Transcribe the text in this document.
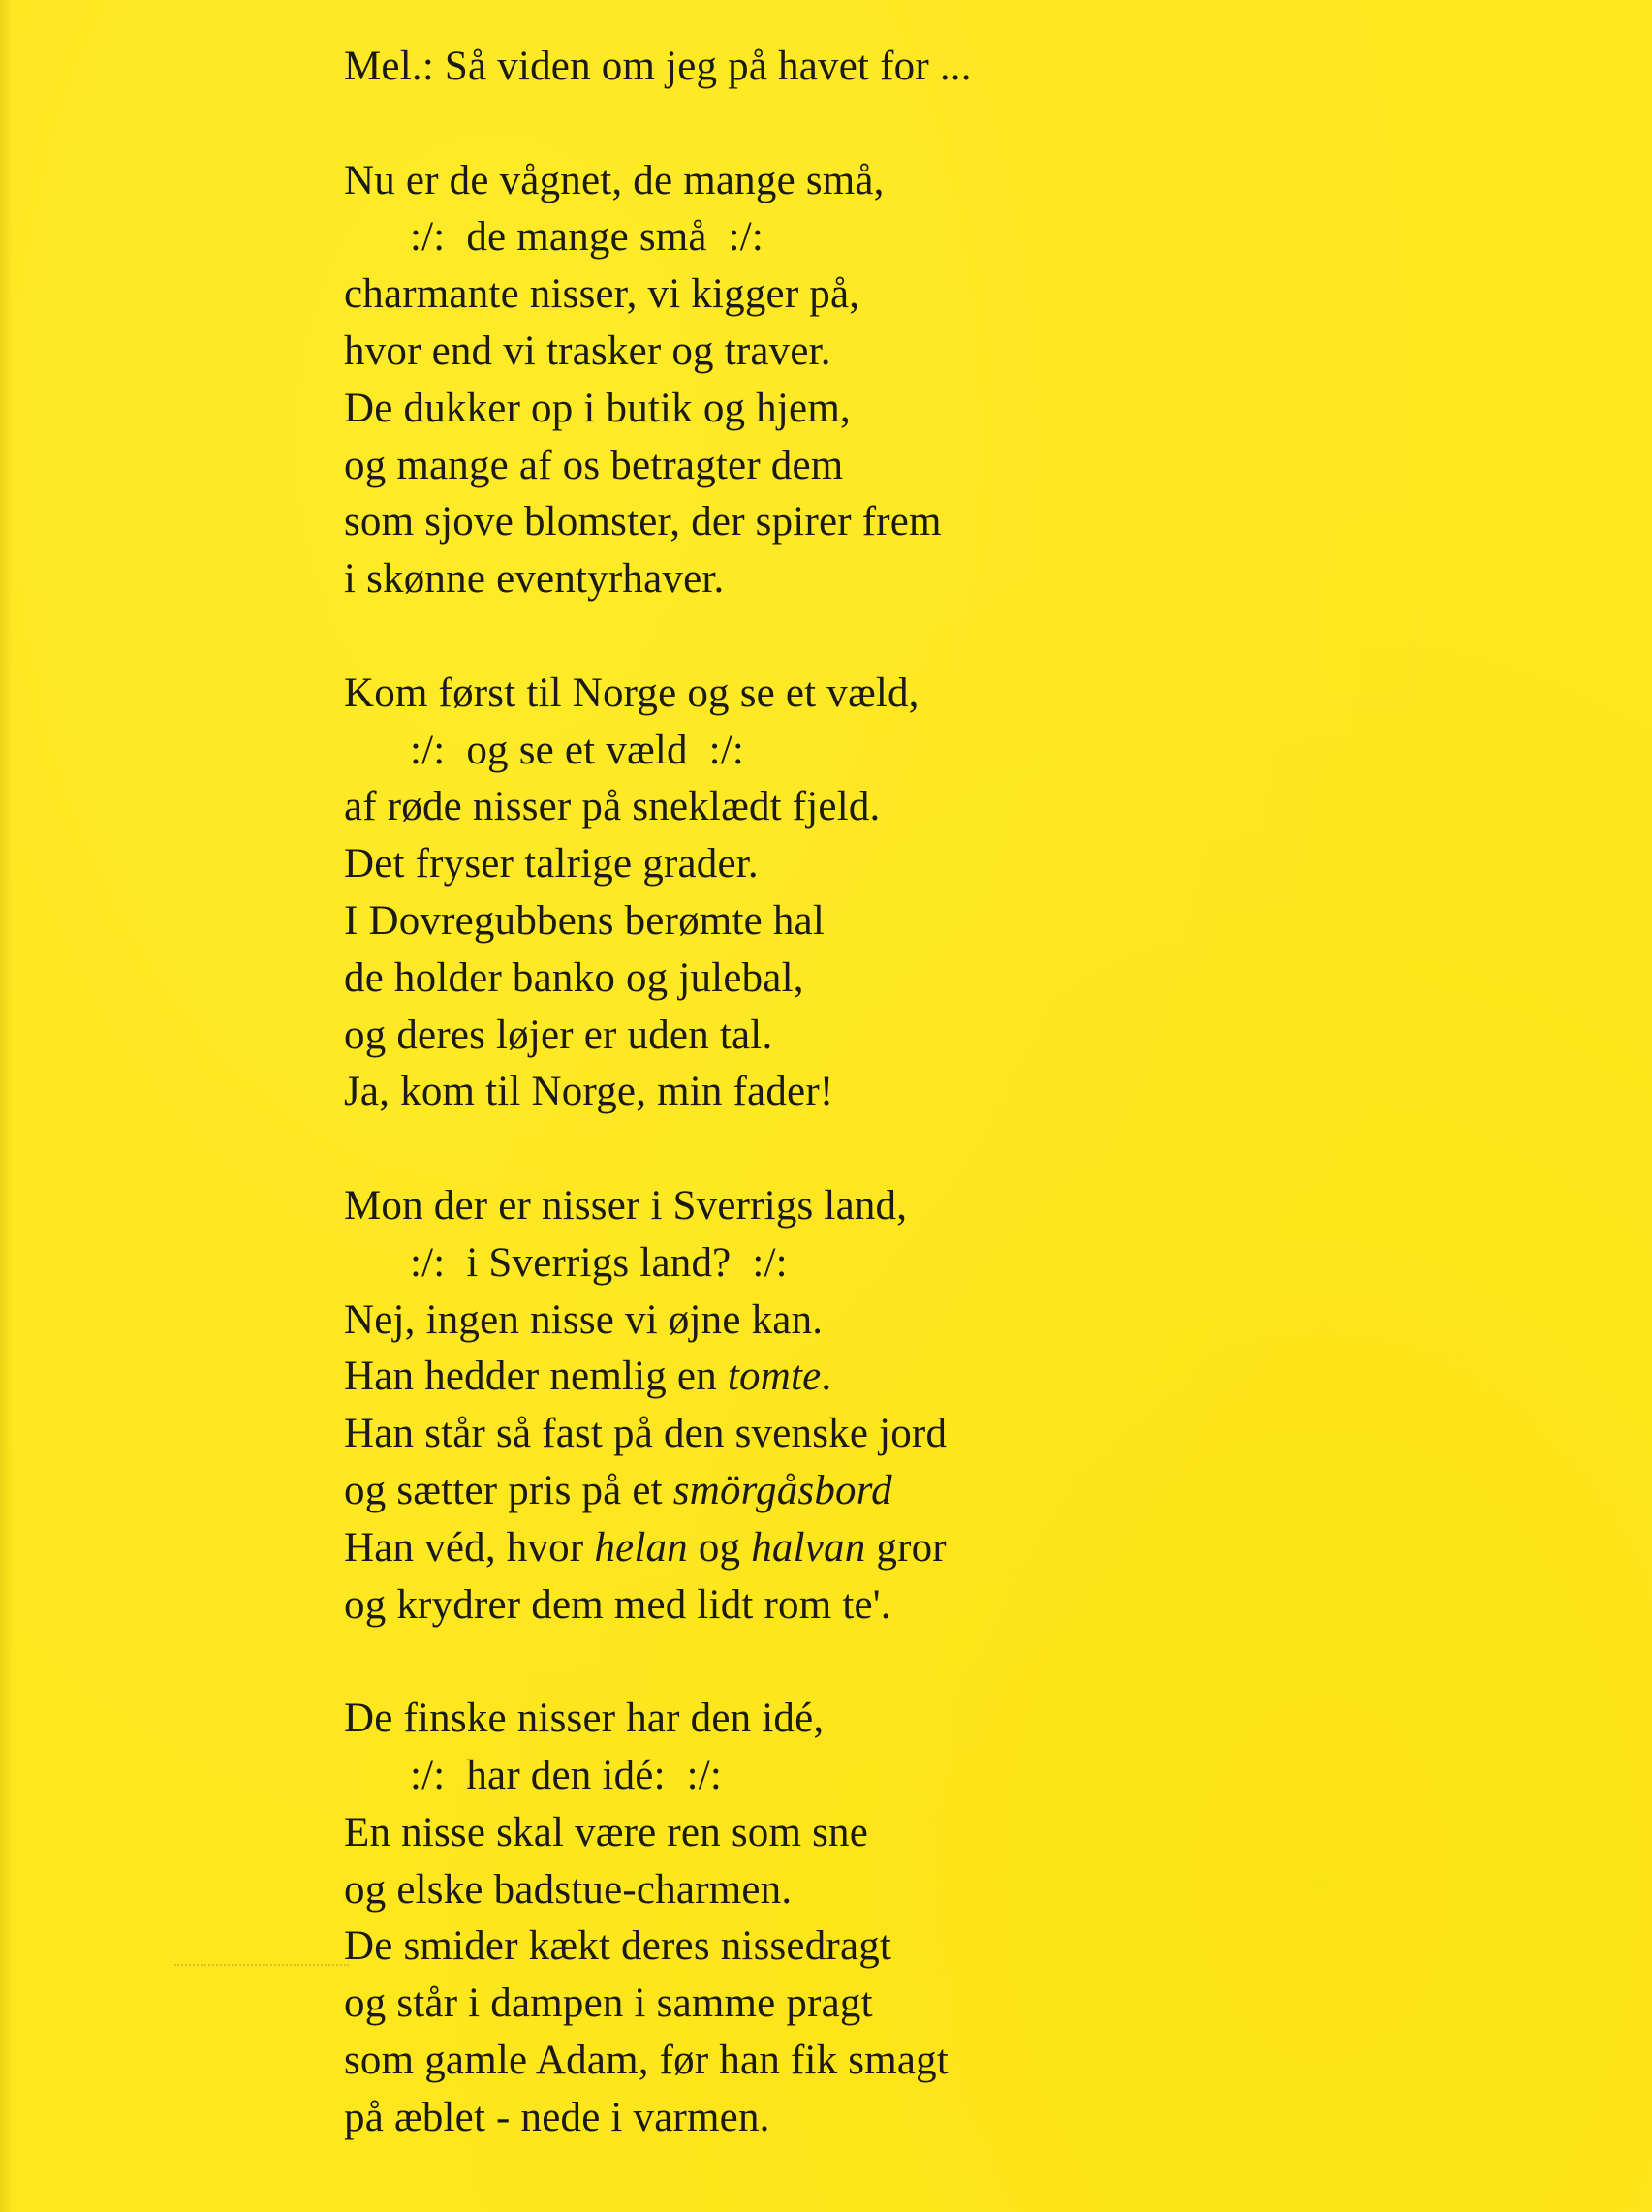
Mel.: Så viden om jeg på havet for ...
Nu er de vågnet, de mange små,
:/:  de mange små  :/:
charmante nisser, vi kigger på,
hvor end vi trasker og traver.
De dukker op i butik og hjem,
og mange af os betragter dem
som sjove blomster, der spirer frem
i skønne eventyrhaver.
Kom først til Norge og se et væld,
:/:  og se et væld  :/:
af røde nisser på sneklædt fjeld.
Det fryser talrige grader.
I Dovregubbens berømte hal
de holder banko og julebal,
og deres løjer er uden tal.
Ja, kom til Norge, min fader!
Mon der er nisser i Sverrigs land,
:/:  i Sverrigs land?  :/:
Nej, ingen nisse vi øjne kan.
Han hedder nemlig en tomte.
Han står så fast på den svenske jord
og sætter pris på et smörgåsbord
Han véd, hvor helan og halvan gror
og krydrer dem med lidt rom te'.
De finske nisser har den idé,
:/:  har den idé:  :/:
En nisse skal være ren som sne
og elske badstue-charmen.
De smider kækt deres nissedragt
og står i dampen i samme pragt
som gamle Adam, før han fik smagt
på æblet - nede i varmen.
